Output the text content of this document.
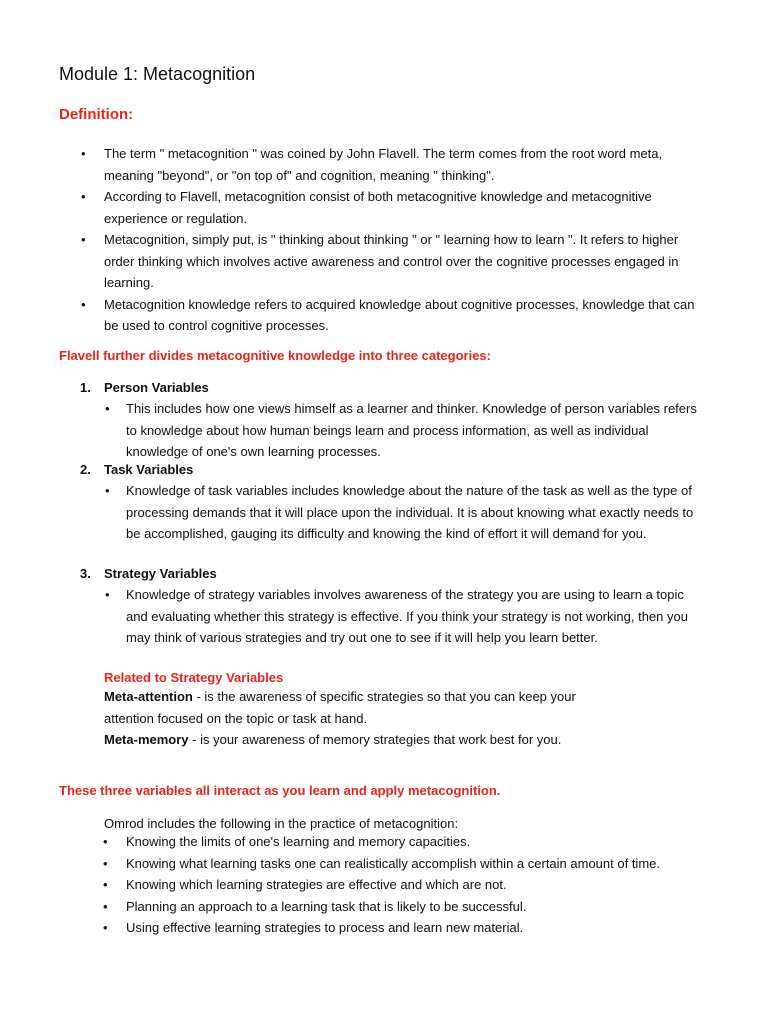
Module 1: Metacognition
Definition:
• The term " metacognition " was coined by John Flavell. The term comes from the root word meta, meaning "beyond", or "on top of" and cognition, meaning " thinking".
• According to Flavell, metacognition consist of both metacognitive knowledge and metacognitive experience or regulation.
• Metacognition, simply put, is " thinking about thinking " or " learning how to learn ". It refers to higher order thinking which involves active awareness and control over the cognitive processes engaged in learning.
• Metacognition knowledge refers to acquired knowledge about cognitive processes, knowledge that can be used to control cognitive processes.
Flavell further divides metacognitive knowledge into three categories:
1. Person Variables
• This includes how one views himself as a learner and thinker. Knowledge of person variables refers to knowledge about how human beings learn and process information, as well as individual knowledge of one's own learning processes.
2. Task Variables
• Knowledge of task variables includes knowledge about the nature of the task as well as the type of processing demands that it will place upon the individual. It is about knowing what exactly needs to be accomplished, gauging its difficulty and knowing the kind of effort it will demand for you.
3. Strategy Variables
• Knowledge of strategy variables involves awareness of the strategy you are using to learn a topic and evaluating whether this strategy is effective. If you think your strategy is not working, then you may think of various strategies and try out one to see if it will help you learn better.
Related to Strategy Variables

Meta-attention - is the awareness of specific strategies so that you can keep your attention focused on the topic or task at hand.

Meta-memory - is your awareness of memory strategies that work best for you.

These three variables all interact as you learn and apply metacognition.

Omrod includes the following in the practice of metacognition:

• Knowing the limits of one's learning and memory capacities.
• Knowing what learning tasks one can realistically accomplish within a certain amount of time.
• Knowing which learning strategies are effective and which are not.
• Planning an approach to a learning task that is likely to be successful.
• Using effective learning strategies to process and learn new material.
